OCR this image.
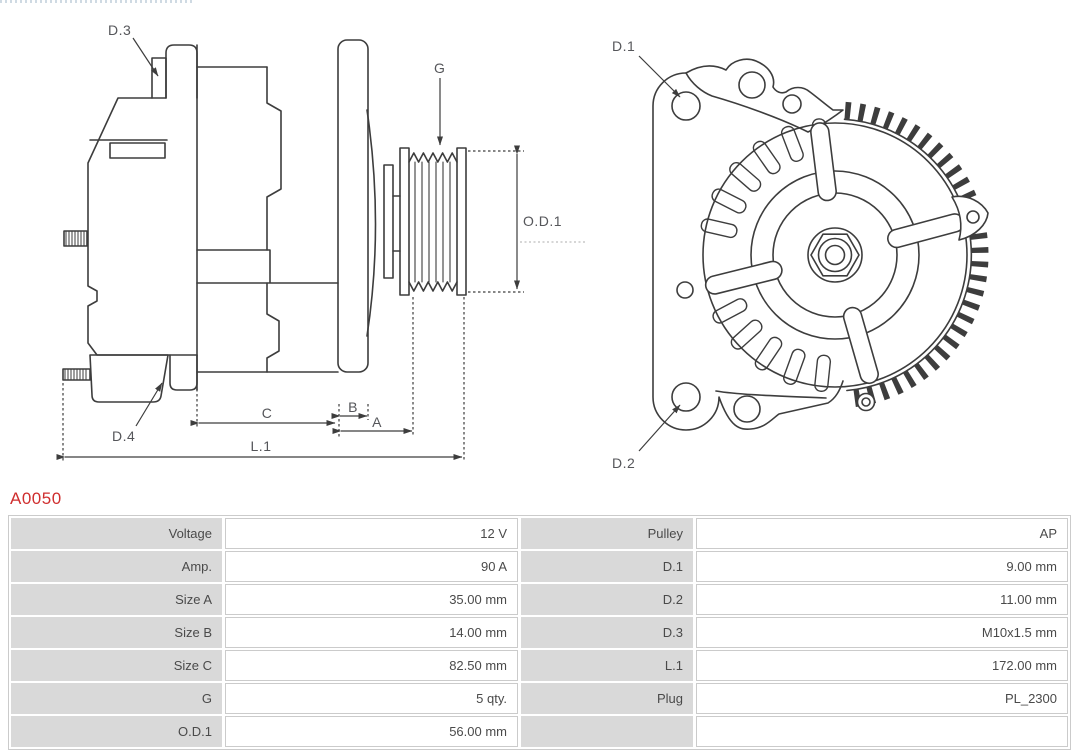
D.3
G
O.D.1
C	B
A
L.1
D.4
D.1
D.2
A0050
Voltage	12 V	Pulley	AP
Amp.	90 A	D.1	9.00 mm
Size A	35.00 mm	D.2	11.00 mm
Size B	14.00 mm	D.3	M10x1.5 mm
Size C	82.50 mm	L.1	172.00 mm
G	5 qty.	Plug	PL_2300
O.D.1	56.00 mm
